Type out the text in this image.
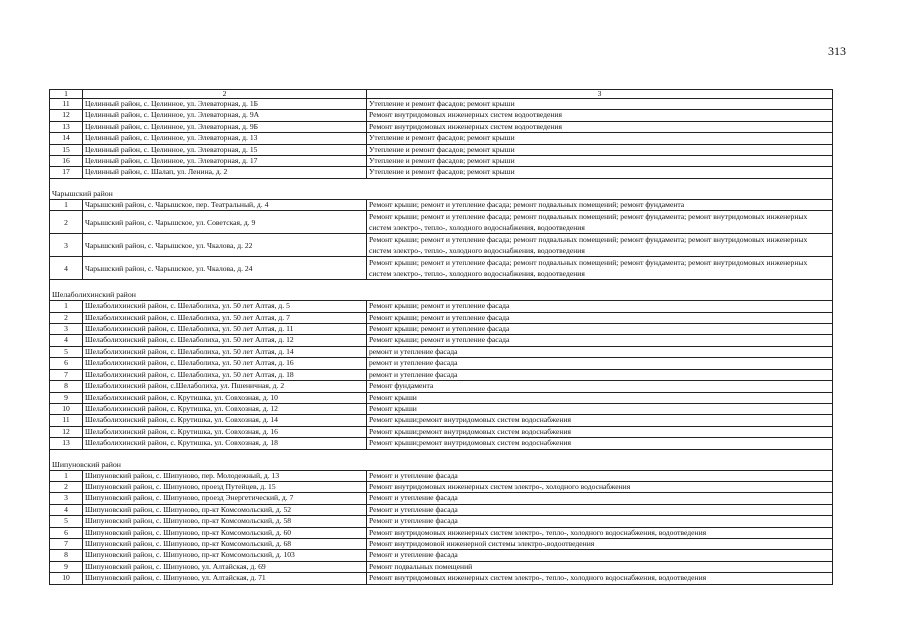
313
1	2	3
11	Целинный район, с. Целинное, ул. Элеваторная, д. 1Б	Утепление и ремонт фасадов; ремонт крыши
12	Целинный район, с. Целинное, ул. Элеваторная, д. 9А	Ремонт внутридомовых инженерных систем водоотведения
13	Целинный район, с. Целинное, ул. Элеваторная, д. 9Б	Ремонт внутридомовых инженерных систем водоотведения
14	Целинный район, с. Целинное, ул. Элеваторная, д. 13	Утепление и ремонт фасадов; ремонт крыши
15	Целинный район, с. Целинное, ул. Элеваторная, д. 15	Утепление и ремонт фасадов; ремонт крыши
16	Целинный район, с. Целинное, ул. Элеваторная, д. 17	Утепление и ремонт фасадов; ремонт крыши
17	Целинный район, с. Шалап, ул. Ленина, д. 2	Утепление и ремонт фасадов; ремонт крыши

Чарышский район		
1	Чарышский район, с. Чарышское, пер. Театральный, д. 4	Ремонт крыши; ремонт и утепление фасада; ремонт подвальных помещений; ремонт фундамента
2	Чарышский район, с. Чарышское, ул. Советская, д. 9	Ремонт крыши; ремонт и утепление фасада; ремонт подвальных помещений; ремонт фундамента; ремонт внутридомовых инженерных систем электро-, тепло-, холодного водоснабжения, водоотведения
3	Чарышский район, с. Чарышское, ул. Чкалова, д. 22	Ремонт крыши; ремонт и утепление фасада; ремонт подвальных помещений; ремонт фундамента; ремонт внутридомовых инженерных систем электро-, тепло-, холодного водоснабжения, водоотведения
4	Чарышский район, с. Чарышское, ул. Чкалова, д. 24	Ремонт крыши; ремонт и утепление фасада; ремонт подвальных помещений; ремонт фундамента; ремонт внутридомовых инженерных систем электро-, тепло-, холодного водоснабжения, водоотведения

Шелаболихинский район		
1	Шелаболихинский район, с. Шелаболиха, ул. 50 лет Алтая, д. 5	Ремонт крыши; ремонт и утепление фасада
2	Шелаболихинский район, с. Шелаболиха, ул. 50 лет Алтая, д. 7	Ремонт крыши; ремонт и утепление фасада
3	Шелаболихинский район, с. Шелаболиха, ул. 50 лет Алтая, д. 11	Ремонт крыши; ремонт и утепление фасада
4	Шелаболихинский район, с. Шелаболиха, ул. 50 лет Алтая, д. 12	Ремонт крыши; ремонт и утепление фасада
5	Шелаболихинский район, с. Шелаболиха, ул. 50 лет Алтая, д. 14	ремонт и утепление фасада
6	Шелаболихинский район, с. Шелаболиха, ул. 50 лет Алтая, д. 16	ремонт и утепление фасада
7	Шелаболихинский район, с. Шелаболиха, ул. 50 лет Алтая, д. 18	ремонт и утепление фасада
8	Шелаболихинский район, с.Шелаболиха, ул. Пшеничная, д. 2	Ремонт фундамента
9	Шелаболихинский район, с. Крутишка, ул. Совхозная, д. 10	Ремонт крыши
10	Шелаболихинский район, с. Крутишка, ул. Совхозная, д. 12	Ремонт крыши
11	Шелаболихинский район, с. Крутишка, ул. Совхозная, д. 14	Ремонт крыши;ремонт внутридомовых систем водоснабжения
12	Шелаболихинский район, с. Крутишка, ул. Совхозная, д. 16	Ремонт крыши;ремонт внутридомовых систем водоснабжения
13	Шелаболихинский район, с. Крутишка, ул. Совхозная, д. 18	Ремонт крыши;ремонт внутридомовых систем водоснабжения

Шипуновский район		
1	Шипуновский район, с. Шипуново, пер. Молодежный, д. 13	Ремонт и утепление фасада
2	Шипуновский район, с. Шипуново, проезд Путейцев, д. 15	Ремонт внутридомовых инженерных систем электро-, холодного водоснабжения
3	Шипуновский район, с. Шипуново, проезд Энергетический, д. 7	Ремонт и утепление фасада
4	Шипуновский район, с. Шипуново, пр-кт Комсомольский, д. 52	Ремонт и утепление фасада
5	Шипуновский район, с. Шипуново, пр-кт Комсомольский, д. 58	Ремонт и утепление фасада
6	Шипуновский район, с. Шипуново, пр-кт Комсомольский, д. 60	Ремонт внутридомовых инженерных систем электро-, тепло-, холодного водоснабжения, водоотведения
7	Шипуновский район, с. Шипуново, пр-кт Комсомольский, д. 68	Ремонт внутридомовой инженерной системы электро-,водоотведения
8	Шипуновский район, с. Шипуново, пр-кт Комсомольский, д. 103	Ремонт и утепление фасада
9	Шипуновский район, с. Шипуново, ул. Алтайская, д. 69	Ремонт подвальных помещений
10	Шипуновский район, с. Шипуново, ул. Алтайская, д. 71	Ремонт внутридомовых инженерных систем электро-, тепло-, холодного водоснабжения, водоотведения
